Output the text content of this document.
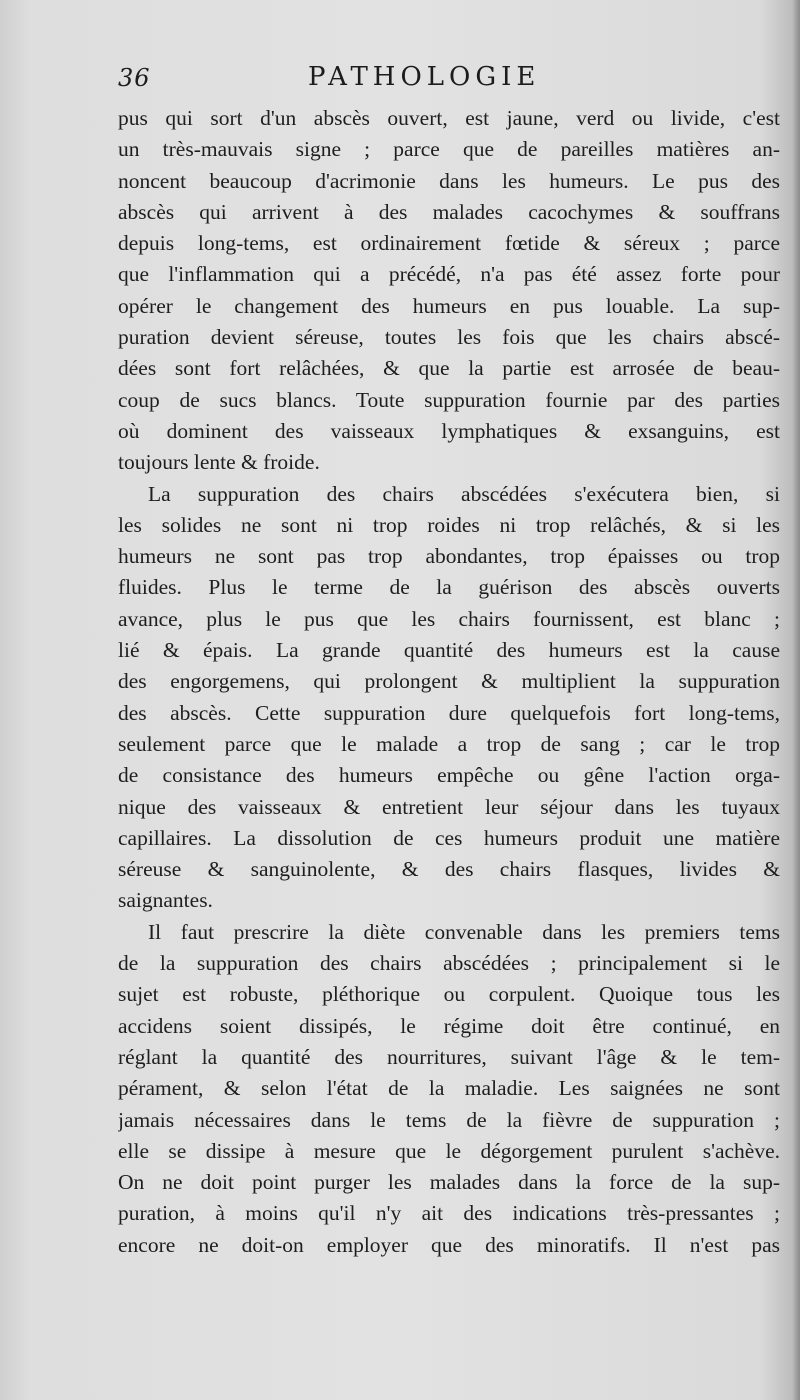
36	PATHOLOGIE
pus qui sort d'un abscès ouvert, est jaune, verd ou livide, c'est
un très-mauvais signe ; parce que de pareilles matières an-
noncent beaucoup d'acrimonie dans les humeurs. Le pus des
abscès qui arrivent à des malades cacochymes & souffrans
depuis long-tems, est ordinairement fœtide & séreux ; parce
que l'inflammation qui a précédé, n'a pas été assez forte pour
opérer le changement des humeurs en pus louable. La sup-
puration devient séreuse, toutes les fois que les chairs abscé-
dées sont fort relâchées, & que la partie est arrosée de beau-
coup de sucs blancs. Toute suppuration fournie par des parties
où dominent des vaisseaux lymphatiques & exsanguins, est
toujours lente & froide.
La suppuration des chairs abscédées s'exécutera bien, si
les solides ne sont ni trop roides ni trop relâchés, & si les
humeurs ne sont pas trop abondantes, trop épaisses ou trop
fluides. Plus le terme de la guérison des abscès ouverts
avance, plus le pus que les chairs fournissent, est blanc ;
lié & épais. La grande quantité des humeurs est la cause
des engorgemens, qui prolongent & multiplient la suppuration
des abscès. Cette suppuration dure quelquefois fort long-tems,
seulement parce que le malade a trop de sang ; car le trop
de consistance des humeurs empêche ou gêne l'action orga-
nique des vaisseaux & entretient leur séjour dans les tuyaux
capillaires. La dissolution de ces humeurs produit une matière
séreuse & sanguinolente, & des chairs flasques, livides &
saignantes.
Il faut prescrire la diète convenable dans les premiers tems
de la suppuration des chairs abscédées ; principalement si le
sujet est robuste, pléthorique ou corpulent. Quoique tous les
accidens soient dissipés, le régime doit être continué, en
réglant la quantité des nourritures, suivant l'âge & le tem-
pérament, & selon l'état de la maladie. Les saignées ne sont
jamais nécessaires dans le tems de la fièvre de suppuration ;
elle se dissipe à mesure que le dégorgement purulent s'achève.
On ne doit point purger les malades dans la force de la sup-
puration, à moins qu'il n'y ait des indications très-pressantes ;
encore ne doit-on employer que des minoratifs. Il n'est pas
